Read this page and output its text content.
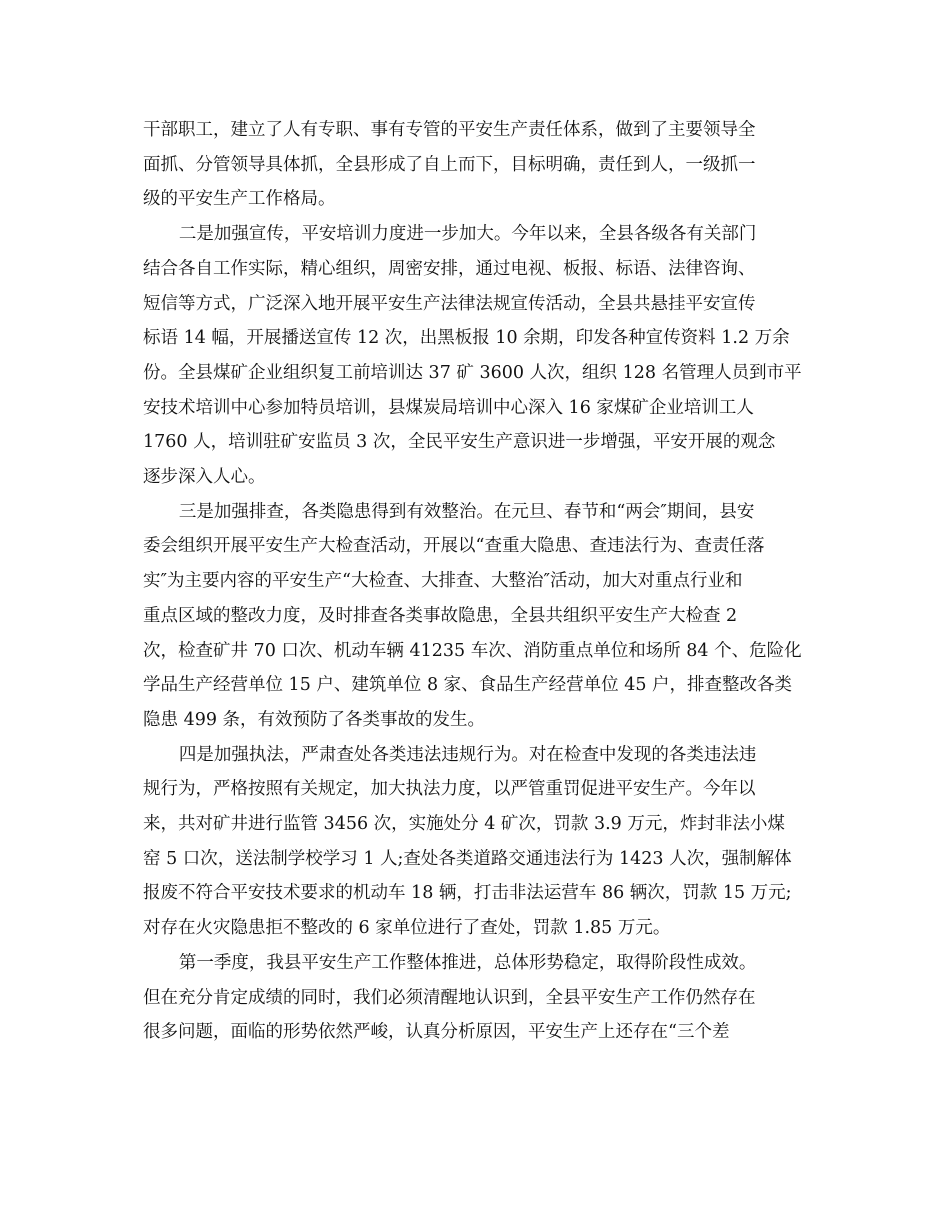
干部职工，建立了人有专职、事有专管的平安生产责任体系，做到了主要领导全
面抓、分管领导具体抓，全县形成了自上而下，目标明确，责任到人，一级抓一
级的平安生产工作格局。

二是加强宣传，平安培训力度进一步加大。今年以来，全县各级各有关部门
结合各自工作实际，精心组织，周密安排，通过电视、板报、标语、法律咨询、
短信等方式，广泛深入地开展平安生产法律法规宣传活动，全县共悬挂平安宣传
标语 14 幅，开展播送宣传 12 次，出黑板报 10 余期，印发各种宣传资料 1.2 万余
份。全县煤矿企业组织复工前培训达 37 矿 3600 人次，组织 128 名管理人员到市平
安技术培训中心参加特员培训，县煤炭局培训中心深入 16 家煤矿企业培训工人
1760 人，培训驻矿安监员 3 次，全民平安生产意识进一步增强，平安开展的观念
逐步深入人心。

三是加强排查，各类隐患得到有效整治。在元旦、春节和“两会″期间，县安
委会组织开展平安生产大检查活动，开展以“查重大隐患、查违法行为、查责任落
实″为主要内容的平安生产“大检查、大排查、大整治″活动，加大对重点行业和
重点区域的整改力度，及时排查各类事故隐患，全县共组织平安生产大检查 2
次，检查矿井 70 口次、机动车辆 41235 车次、消防重点单位和场所 84 个、危险化
学品生产经营单位 15 户、建筑单位 8 家、食品生产经营单位 45 户，排查整改各类
隐患 499 条，有效预防了各类事故的发生。

四是加强执法，严肃查处各类违法违规行为。对在检查中发现的各类违法违
规行为，严格按照有关规定，加大执法力度，以严管重罚促进平安生产。今年以
来，共对矿井进行监管 3456 次，实施处分 4 矿次，罚款 3.9 万元，炸封非法小煤
窑 5 口次，送法制学校学习 1 人;查处各类道路交通违法行为 1423 人次，强制解体
报废不符合平安技术要求的机动车 18 辆，打击非法运营车 86 辆次，罚款 15 万元;
对存在火灾隐患拒不整改的 6 家单位进行了查处，罚款 1.85 万元。

第一季度，我县平安生产工作整体推进，总体形势稳定，取得阶段性成效。
但在充分肯定成绩的同时，我们必须清醒地认识到，全县平安生产工作仍然存在
很多问题，面临的形势依然严峻，认真分析原因，平安生产上还存在“三个差
